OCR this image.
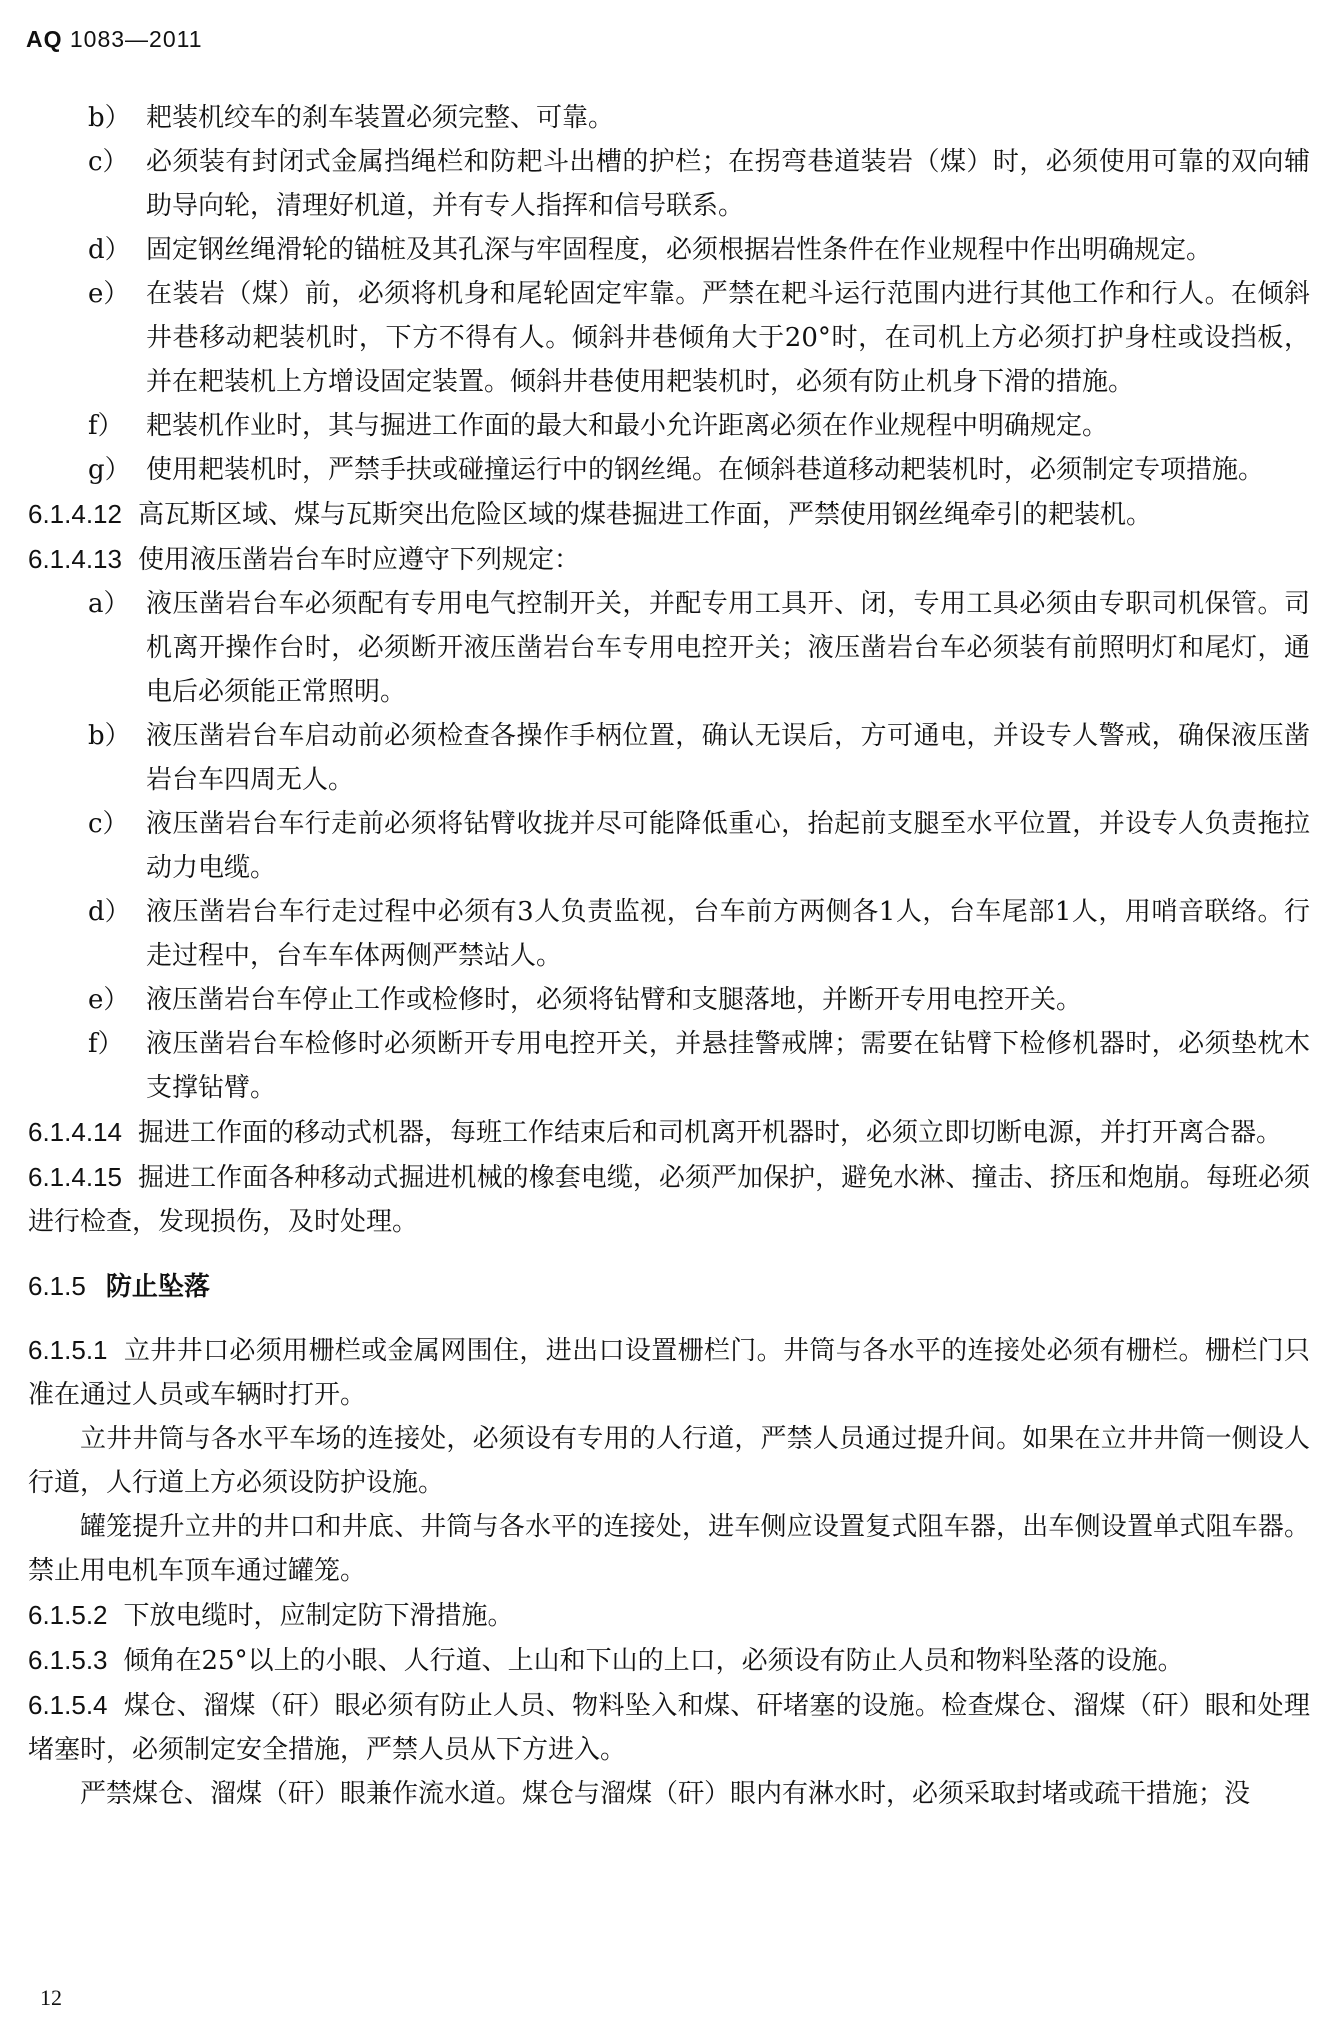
AQ 1083—2011
b） 耙装机绞车的刹车装置必须完整、可靠。
c） 必须装有封闭式金属挡绳栏和防耙斗出槽的护栏；在拐弯巷道装岩（煤）时，必须使用可靠的双向辅助导向轮，清理好机道，并有专人指挥和信号联系。
d） 固定钢丝绳滑轮的锚桩及其孔深与牢固程度，必须根据岩性条件在作业规程中作出明确规定。
e） 在装岩（煤）前，必须将机身和尾轮固定牢靠。严禁在耙斗运行范围内进行其他工作和行人。在倾斜井巷移动耙装机时，下方不得有人。倾斜井巷倾角大于20°时，在司机上方必须打护身柱或设挡板，并在耙装机上方增设固定装置。倾斜井巷使用耙装机时，必须有防止机身下滑的措施。
f） 耙装机作业时，其与掘进工作面的最大和最小允许距离必须在作业规程中明确规定。
g） 使用耙装机时，严禁手扶或碰撞运行中的钢丝绳。在倾斜巷道移动耙装机时，必须制定专项措施。
6.1.4.12 高瓦斯区域、煤与瓦斯突出危险区域的煤巷掘进工作面，严禁使用钢丝绳牵引的耙装机。
6.1.4.13 使用液压凿岩台车时应遵守下列规定：
a） 液压凿岩台车必须配有专用电气控制开关，并配专用工具开、闭，专用工具必须由专职司机保管。司机离开操作台时，必须断开液压凿岩台车专用电控开关；液压凿岩台车必须装有前照明灯和尾灯，通电后必须能正常照明。
b） 液压凿岩台车启动前必须检查各操作手柄位置，确认无误后，方可通电，并设专人警戒，确保液压凿岩台车四周无人。
c） 液压凿岩台车行走前必须将钻臂收拢并尽可能降低重心，抬起前支腿至水平位置，并设专人负责拖拉动力电缆。
d） 液压凿岩台车行走过程中必须有3人负责监视，台车前方两侧各1人，台车尾部1人，用哨音联络。行走过程中，台车车体两侧严禁站人。
e） 液压凿岩台车停止工作或检修时，必须将钻臂和支腿落地，并断开专用电控开关。
f） 液压凿岩台车检修时必须断开专用电控开关，并悬挂警戒牌；需要在钻臂下检修机器时，必须垫枕木支撑钻臂。
6.1.4.14 掘进工作面的移动式机器，每班工作结束后和司机离开机器时，必须立即切断电源，并打开离合器。
6.1.4.15 掘进工作面各种移动式掘进机械的橡套电缆，必须严加保护，避免水淋、撞击、挤压和炮崩。每班必须进行检查，发现损伤，及时处理。
6.1.5 防止坠落
6.1.5.1 立井井口必须用栅栏或金属网围住，进出口设置栅栏门。井筒与各水平的连接处必须有栅栏。栅栏门只准在通过人员或车辆时打开。
立井井筒与各水平车场的连接处，必须设有专用的人行道，严禁人员通过提升间。如果在立井井筒一侧设人行道，人行道上方必须设防护设施。
罐笼提升立井的井口和井底、井筒与各水平的连接处，进车侧应设置复式阻车器，出车侧设置单式阻车器。禁止用电机车顶车通过罐笼。
6.1.5.2 下放电缆时，应制定防下滑措施。
6.1.5.3 倾角在25°以上的小眼、人行道、上山和下山的上口，必须设有防止人员和物料坠落的设施。
6.1.5.4 煤仓、溜煤（矸）眼必须有防止人员、物料坠入和煤、矸堵塞的设施。检查煤仓、溜煤（矸）眼和处理堵塞时，必须制定安全措施，严禁人员从下方进入。
严禁煤仓、溜煤（矸）眼兼作流水道。煤仓与溜煤（矸）眼内有淋水时，必须采取封堵或疏干措施；没
12
